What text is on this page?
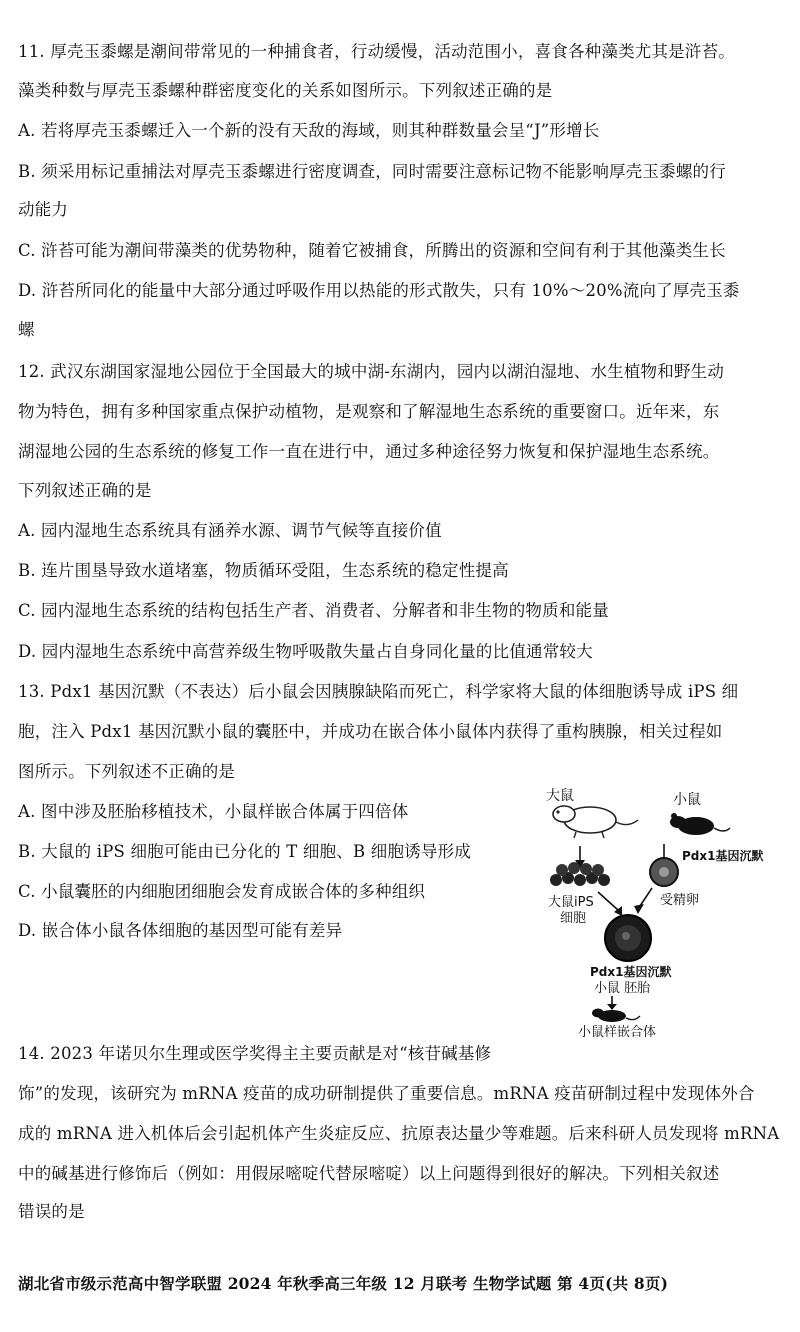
11. 厚壳玉黍螺是潮间带常见的一种捕食者，行动缓慢，活动范围小，喜食各种藻类尤其是浒苔。
藻类种数与厚壳玉黍螺种群密度变化的关系如图所示。下列叙述正确的是
A. 若将厚壳玉黍螺迁入一个新的没有天敌的海域，则其种群数量会呈“J”形增长
B. 须采用标记重捕法对厚壳玉黍螺进行密度调查，同时需要注意标记物不能影响厚壳玉黍螺的行
动能力
C. 浒苔可能为潮间带藻类的优势物种，随着它被捕食，所腾出的资源和空间有利于其他藻类生长
D. 浒苔所同化的能量中大部分通过呼吸作用以热能的形式散失，只有 10%～20%流向了厚壳玉黍
螺
12. 武汉东湖国家湿地公园位于全国最大的城中湖-东湖内，园内以湖泊湿地、水生植物和野生动
物为特色，拥有多种国家重点保护动植物，是观察和了解湿地生态系统的重要窗口。近年来，东
湖湿地公园的生态系统的修复工作一直在进行中，通过多种途径努力恢复和保护湿地生态系统。
下列叙述正确的是
A. 园内湿地生态系统具有涵养水源、调节气候等直接价值
B. 连片围垦导致水道堵塞，物质循环受阻，生态系统的稳定性提高
C. 园内湿地生态系统的结构包括生产者、消费者、分解者和非生物的物质和能量
D. 园内湿地生态系统中高营养级生物呼吸散失量占自身同化量的比值通常较大
13. Pdx1 基因沉默（不表达）后小鼠会因胰腺缺陷而死亡，科学家将大鼠的体细胞诱导成 iPS 细
胞，注入 Pdx1 基因沉默小鼠的囊胚中，并成功在嵌合体小鼠体内获得了重构胰腺，相关过程如
图所示。下列叙述不正确的是
A. 图中涉及胚胎移植技术，小鼠样嵌合体属于四倍体
B. 大鼠的 iPS 细胞可能由已分化的 T 细胞、B 细胞诱导形成
C. 小鼠囊胚的内细胞团细胞会发育成嵌合体的多种组织
D. 嵌合体小鼠各体细胞的基因型可能有差异
大鼠	小鼠
大鼠iPS
细胞
Pdx1基因沉默
受精卵
Pdx1基因沉默
小鼠 胚胎
小鼠样嵌合体
14. 2023 年诺贝尔生理或医学奖得主主要贡献是对“核苷碱基修
饰”的发现，该研究为 mRNA 疫苗的成功研制提供了重要信息。mRNA 疫苗研制过程中发现体外合
成的 mRNA 进入机体后会引起机体产生炎症反应、抗原表达量少等难题。后来科研人员发现将 mRNA
中的碱基进行修饰后（例如：用假尿嘧啶代替尿嘧啶）以上问题得到很好的解决。下列相关叙述
错误的是
湖北省市级示范高中智学联盟 2024 年秋季高三年级 12 月联考 生物学试题 第 4页(共 8页)
